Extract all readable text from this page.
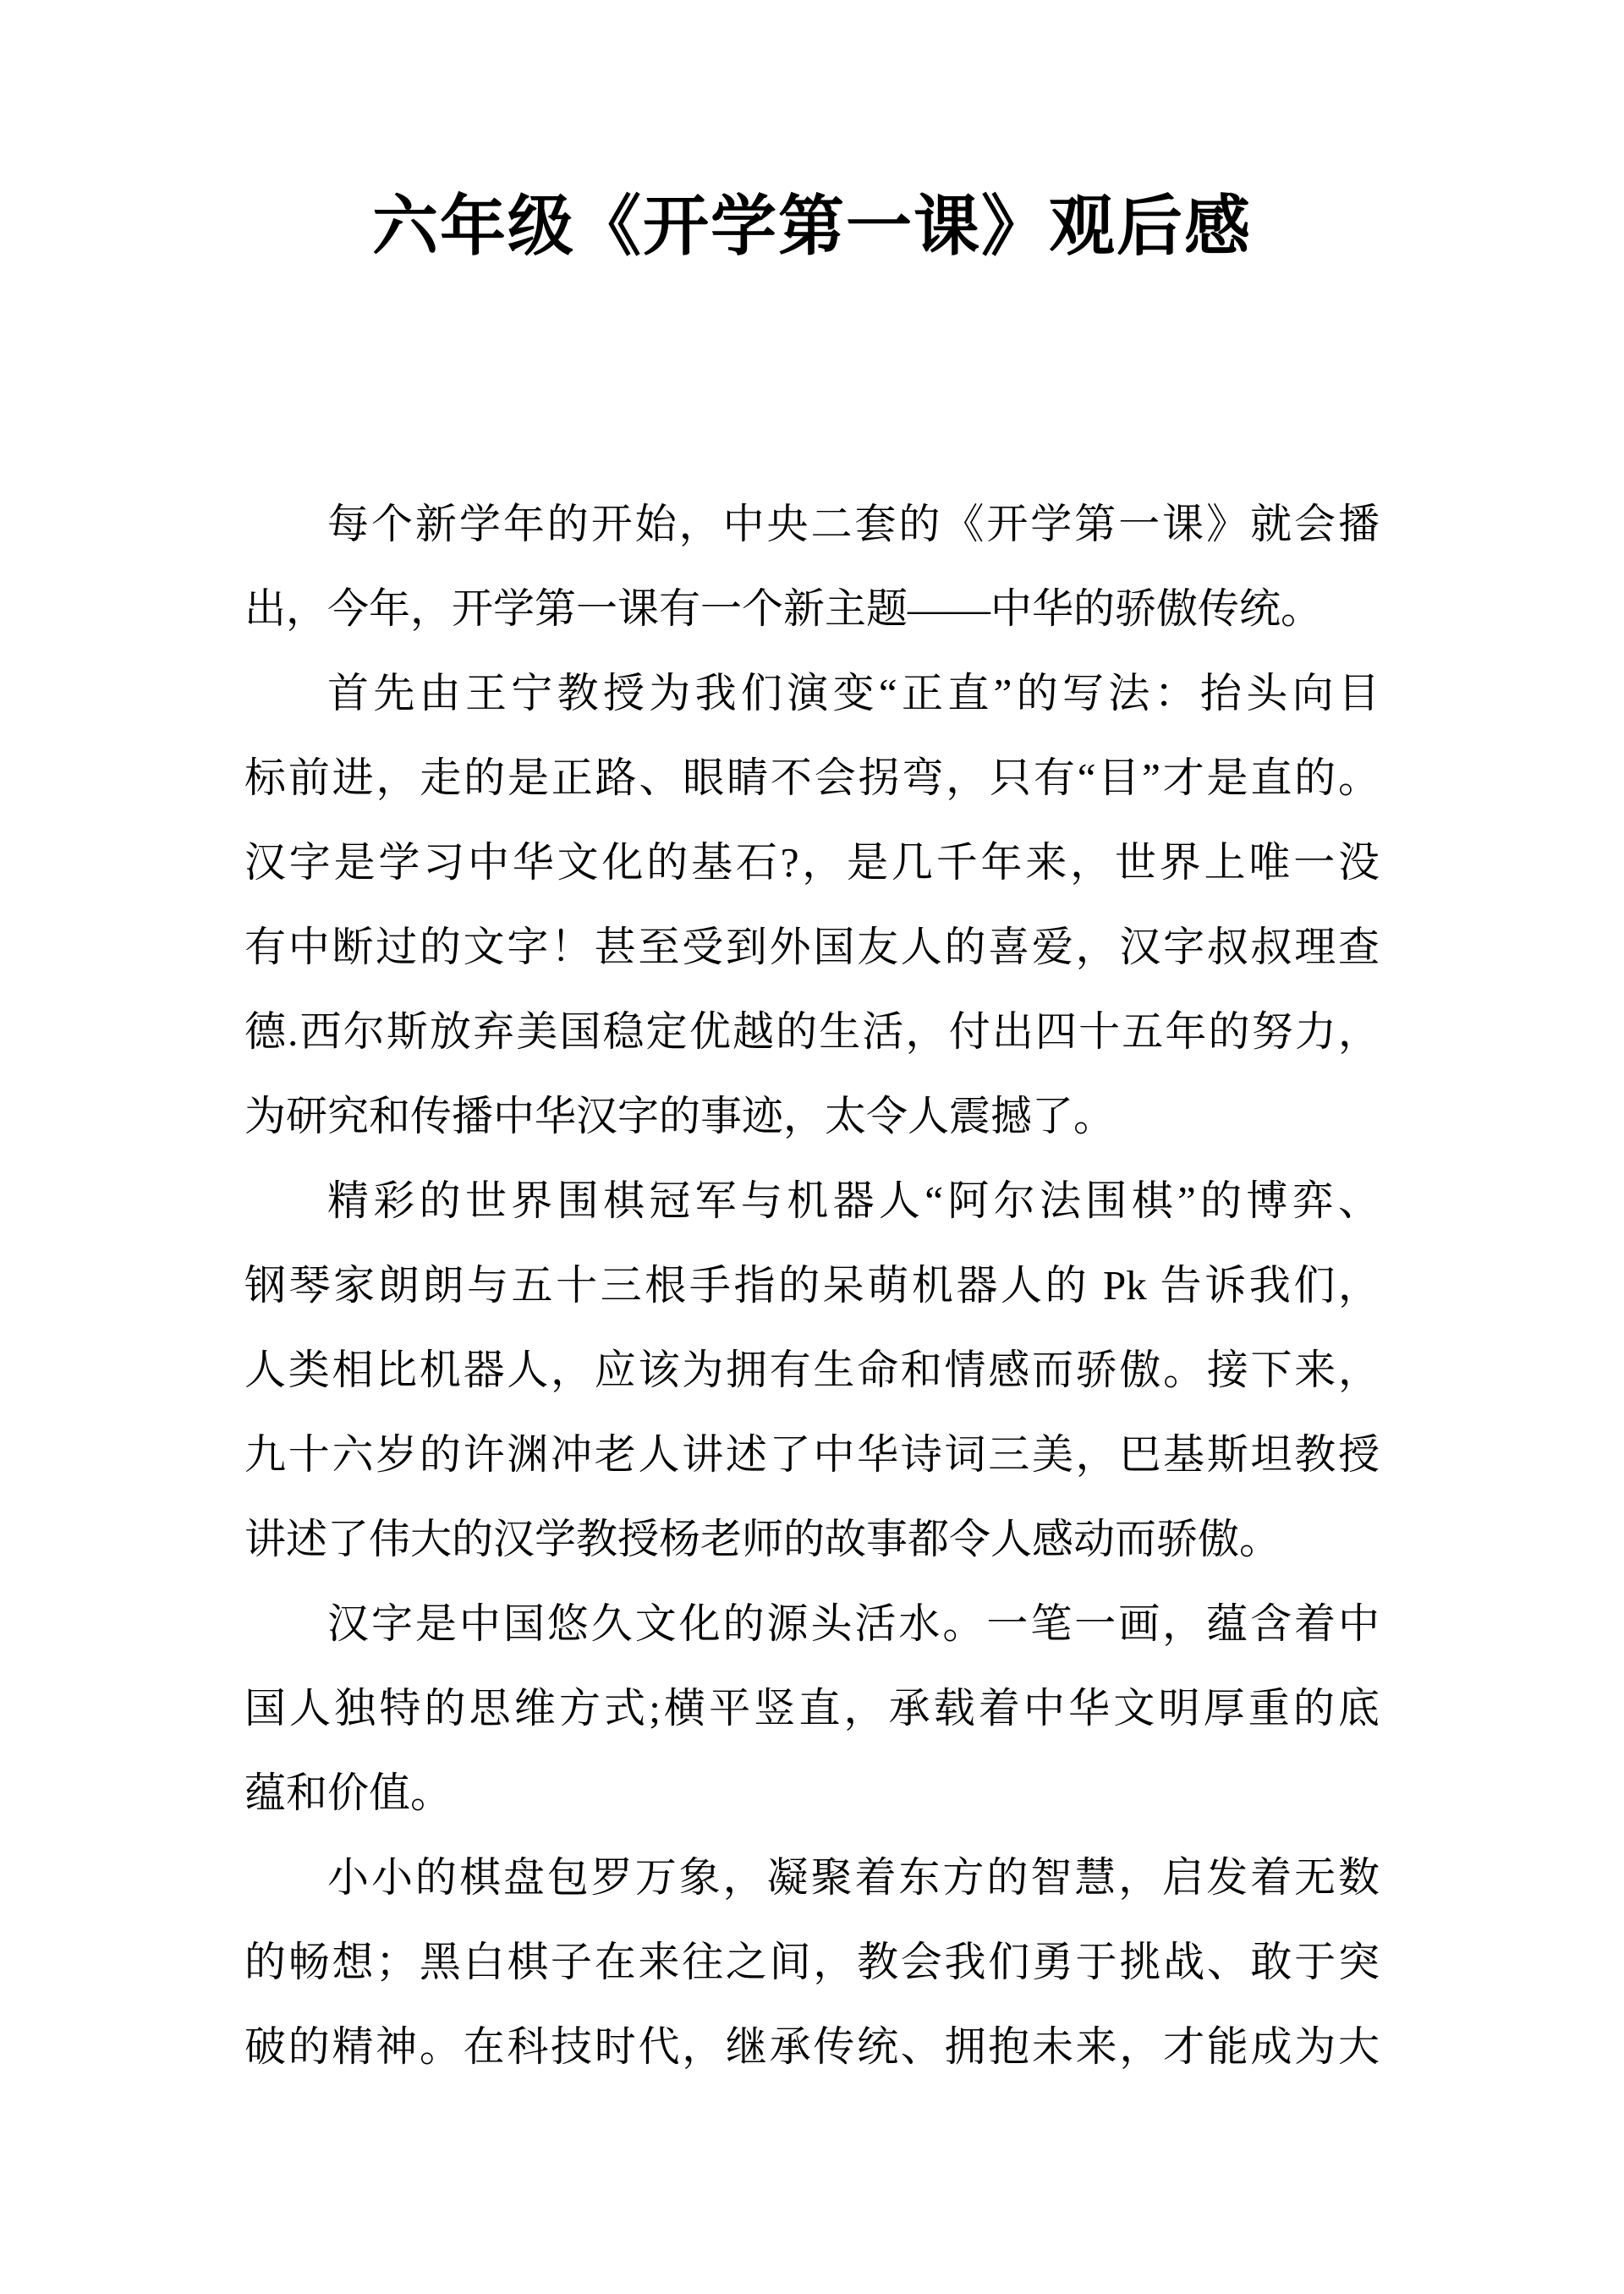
六年级《开学第一课》观后感
每个新学年的开始，中央二套的《开学第一课》就会播
出，今年，开学第一课有一个新主题——中华的骄傲传统。
首先由王宁教授为我们演变“正直”的写法：抬头向目
标前进，走的是正路、眼睛不会拐弯，只有“目”才是直的。
汉字是学习中华文化的基石?，是几千年来，世界上唯一没
有中断过的文字！甚至受到外国友人的喜爱，汉字叔叔理查
德.西尔斯放弃美国稳定优越的生活，付出四十五年的努力，
为研究和传播中华汉字的事迹，太令人震撼了。
精彩的世界围棋冠军与机器人“阿尔法围棋”的博弈、
钢琴家朗朗与五十三根手指的呆萌机器人的 Pk 告诉我们，
人类相比机器人，应该为拥有生命和情感而骄傲。接下来，
九十六岁的许渊冲老人讲述了中华诗词三美，巴基斯坦教授
讲述了伟大的汉学教授杨老师的故事都令人感动而骄傲。
汉字是中国悠久文化的源头活水。一笔一画，蕴含着中
国人独特的思维方式;横平竖直，承载着中华文明厚重的底
蕴和价值。
小小的棋盘包罗万象，凝聚着东方的智慧，启发着无数
的畅想；黑白棋子在来往之间，教会我们勇于挑战、敢于突
破的精神。在科技时代，继承传统、拥抱未来，才能成为大
